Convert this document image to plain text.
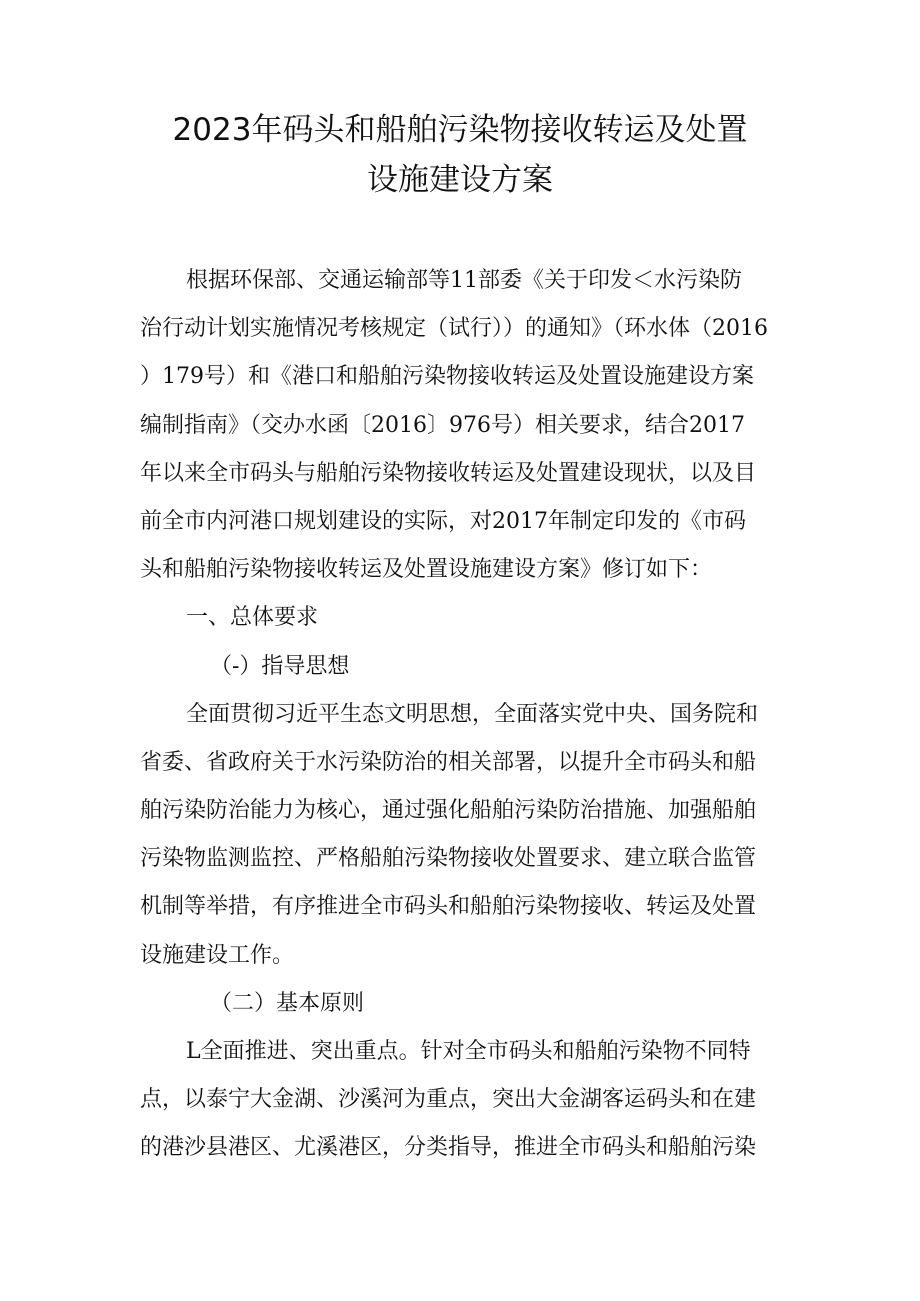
2023年码头和船舶污染物接收转运及处置
设施建设方案
根据环保部、交通运输部等11部委《关于印发＜水污染防
治行动计划实施情况考核规定（试行））的通知》（环水体（2016
）179号）和《港口和船舶污染物接收转运及处置设施建设方案
编制指南》（交办水函〔2016〕976号）相关要求，结合2017
年以来全市码头与船舶污染物接收转运及处置建设现状，以及目
前全市内河港口规划建设的实际，对2017年制定印发的《市码
头和船舶污染物接收转运及处置设施建设方案》修订如下：
一、总体要求
（-）指导思想
全面贯彻习近平生态文明思想，全面落实党中央、国务院和
省委、省政府关于水污染防治的相关部署，以提升全市码头和船
舶污染防治能力为核心，通过强化船舶污染防治措施、加强船舶
污染物监测监控、严格船舶污染物接收处置要求、建立联合监管
机制等举措，有序推进全市码头和船舶污染物接收、转运及处置
设施建设工作。
（二）基本原则
L全面推进、突出重点。针对全市码头和船舶污染物不同特
点，以泰宁大金湖、沙溪河为重点，突出大金湖客运码头和在建
的港沙县港区、尤溪港区，分类指导，推进全市码头和船舶污染
